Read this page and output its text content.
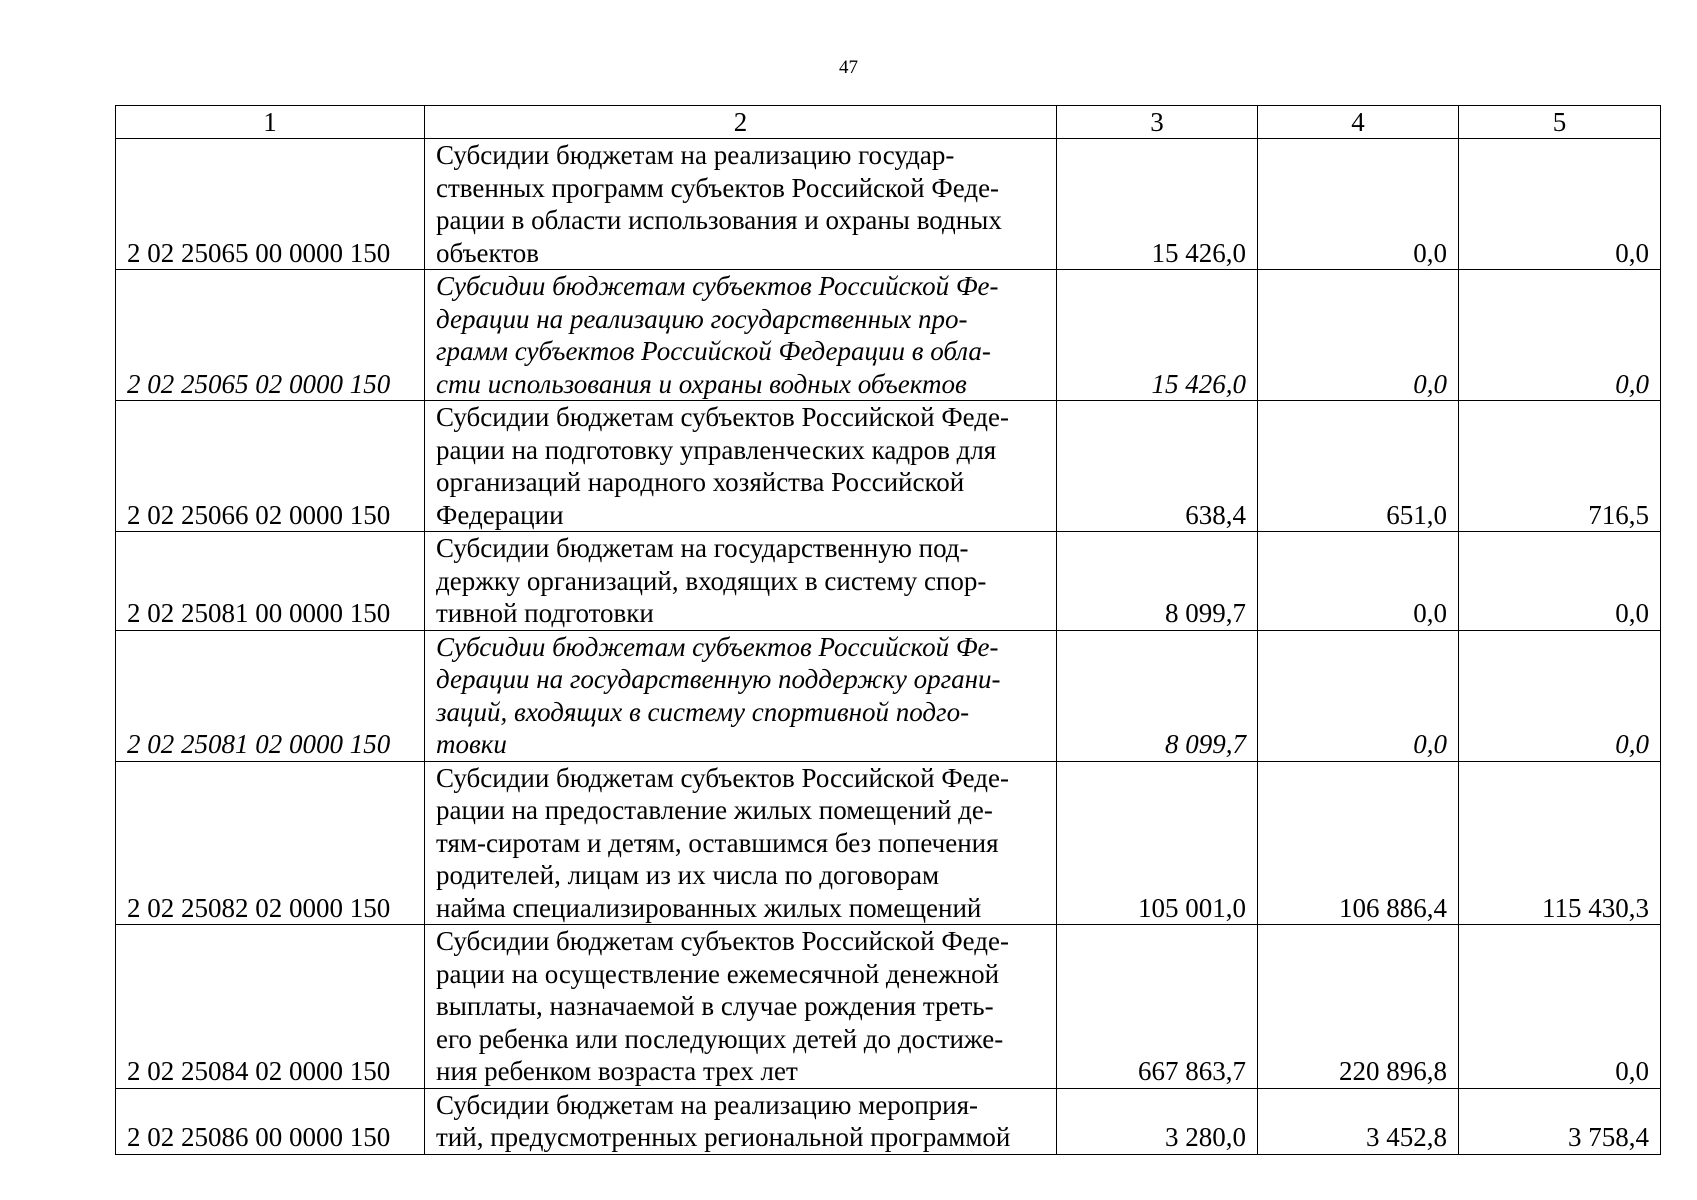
47
1	2	3	4	5
2 02 25065 00 0000 150	Субсидии бюджетам на реализацию государ-
ственных программ субъектов Российской Феде-
рации в области использования и охраны водных
объектов	15 426,0	0,0	0,0
2 02 25065 02 0000 150	Субсидии бюджетам субъектов Российской Фе-
дерации на реализацию государственных про-
грамм субъектов Российской Федерации в обла-
сти использования и охраны водных объектов	15 426,0	0,0	0,0
2 02 25066 02 0000 150	Субсидии бюджетам субъектов Российской Феде-
рации на подготовку управленческих кадров для
организаций народного хозяйства Российской
Федерации	638,4	651,0	716,5
2 02 25081 00 0000 150	Субсидии бюджетам на государственную под-
держку организаций, входящих в систему спор-
тивной подготовки	8 099,7	0,0	0,0
2 02 25081 02 0000 150	Субсидии бюджетам субъектов Российской Фе-
дерации на государственную поддержку органи-
заций, входящих в систему спортивной подго-
товки	8 099,7	0,0	0,0
2 02 25082 02 0000 150	Субсидии бюджетам субъектов Российской Феде-
рации на предоставление жилых помещений де-
тям-сиротам и детям, оставшимся без попечения
родителей, лицам из их числа по договорам
найма специализированных жилых помещений	105 001,0	106 886,4	115 430,3
2 02 25084 02 0000 150	Субсидии бюджетам субъектов Российской Феде-
рации на осуществление ежемесячной денежной
выплаты, назначаемой в случае рождения треть-
его ребенка или последующих детей до достиже-
ния ребенком возраста трех лет	667 863,7	220 896,8	0,0
2 02 25086 00 0000 150	Субсидии бюджетам на реализацию мероприя-
тий, предусмотренных региональной программой	3 280,0	3 452,8	3 758,4
